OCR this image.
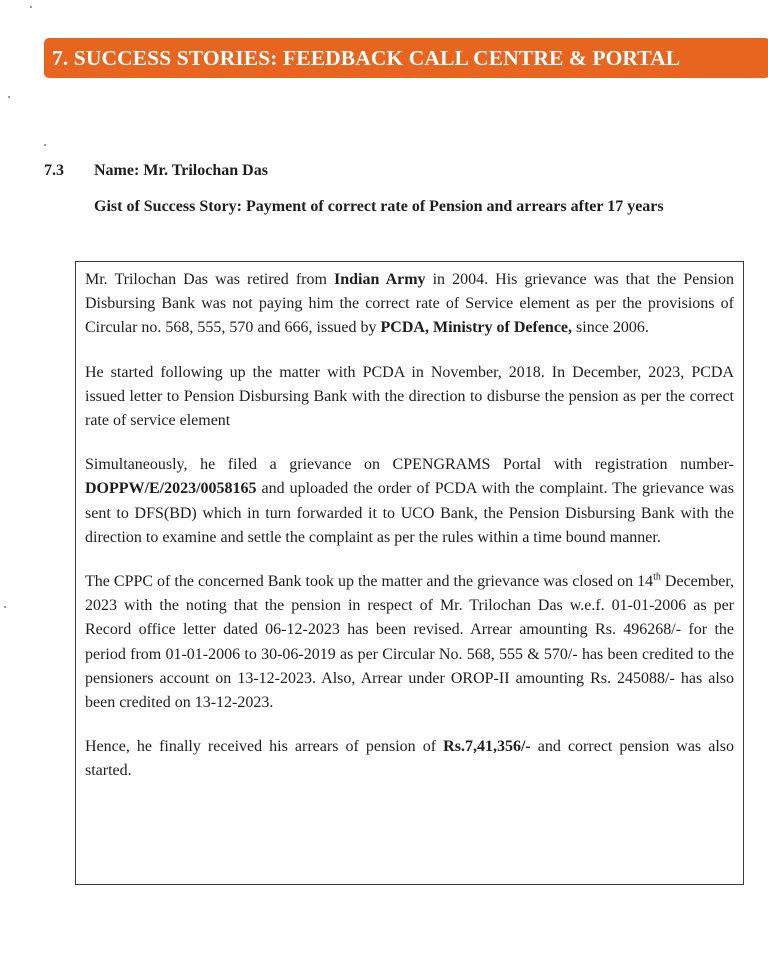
7. SUCCESS STORIES: FEEDBACK CALL CENTRE & PORTAL
7.3 Name: Mr. Trilochan Das
Gist of Success Story: Payment of correct rate of Pension and arrears after 17 years

Mr. Trilochan Das was retired from Indian Army in 2004. His grievance was that the Pension Disbursing Bank was not paying him the correct rate of Service element as per the provisions of Circular no. 568, 555, 570 and 666, issued by PCDA, Ministry of Defence, since 2006.

He started following up the matter with PCDA in November, 2018. In December, 2023, PCDA issued letter to Pension Disbursing Bank with the direction to disburse the pension as per the correct rate of service element

Simultaneously, he filed a grievance on CPENGRAMS Portal with registration number-DOPPW/E/2023/0058165 and uploaded the order of PCDA with the complaint. The grievance was sent to DFS(BD) which in turn forwarded it to UCO Bank, the Pension Disbursing Bank with the direction to examine and settle the complaint as per the rules within a time bound manner.

The CPPC of the concerned Bank took up the matter and the grievance was closed on 14th December, 2023 with the noting that the pension in respect of Mr. Trilochan Das w.e.f. 01-01-2006 as per Record office letter dated 06-12-2023 has been revised. Arrear amounting Rs. 496268/- for the period from 01-01-2006 to 30-06-2019 as per Circular No. 568, 555 & 570/- has been credited to the pensioners account on 13-12-2023. Also, Arrear under OROP-II amounting Rs. 245088/- has also been credited on 13-12-2023.

Hence, he finally received his arrears of pension of Rs.7,41,356/- and correct pension was also started.
